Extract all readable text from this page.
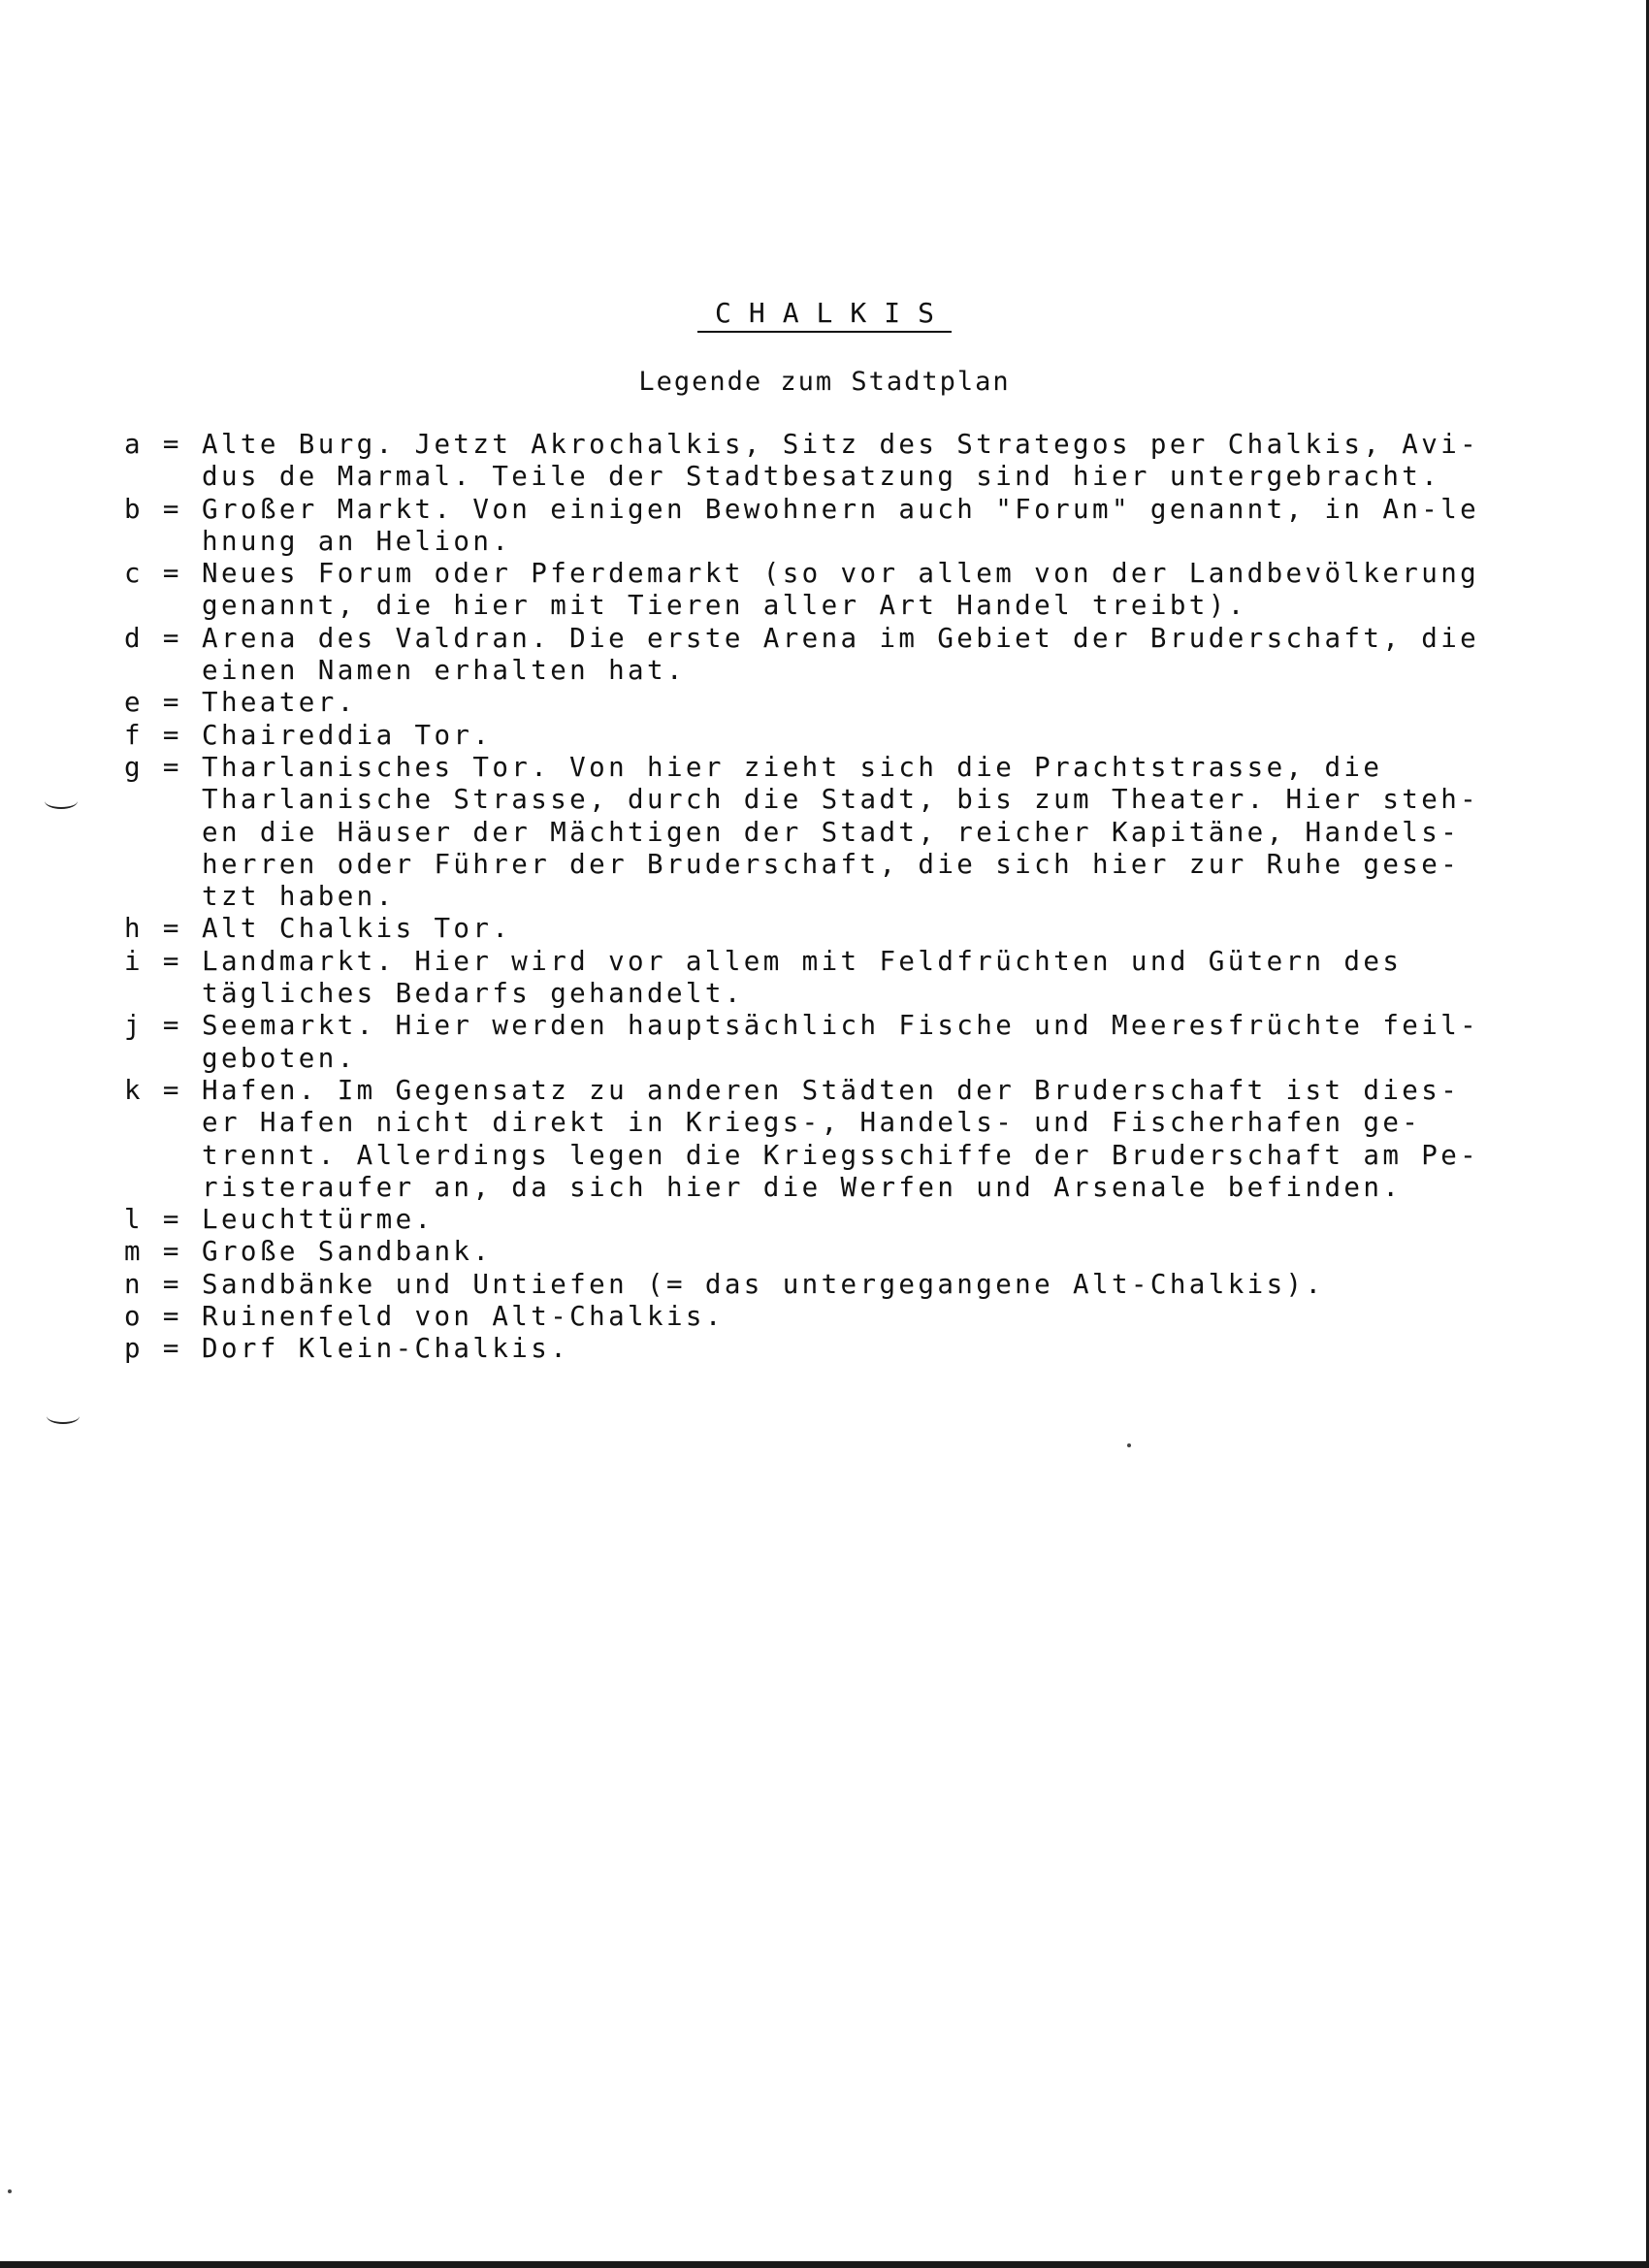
CHALKIS
Legende zum Stadtplan
a = Alte Burg. Jetzt Akrochalkis, Sitz des Strategos per Chalkis, Avi-
dus de Marmal. Teile der Stadtbesatzung sind hier untergebracht.
b = Großer Markt. Von einigen Bewohnern auch "Forum" genannt, in An-le
hnung an Helion.
c = Neues Forum oder Pferdemarkt (so vor allem von der Landbevölkerung
genannt, die hier mit Tieren aller Art Handel treibt).
d = Arena des Valdran. Die erste Arena im Gebiet der Bruderschaft, die
einen Namen erhalten hat.
e = Theater.
f = Chaireddia Tor.
g = Tharlanisches Tor. Von hier zieht sich die Prachtstrasse, die
Tharlanische Strasse, durch die Stadt, bis zum Theater. Hier steh-
en die Häuser der Mächtigen der Stadt, reicher Kapitäne, Handels-
herren oder Führer der Bruderschaft, die sich hier zur Ruhe gese-
tzt haben.
h = Alt Chalkis Tor.
i = Landmarkt. Hier wird vor allem mit Feldfrüchten und Gütern des
tägliches Bedarfs gehandelt.
j = Seemarkt. Hier werden hauptsächlich Fische und Meeresfrüchte feil-
geboten.
k = Hafen. Im Gegensatz zu anderen Städten der Bruderschaft ist dies-
er Hafen nicht direkt in Kriegs-, Handels- und Fischerhafen ge-
trennt. Allerdings legen die Kriegsschiffe der Bruderschaft am Pe-
risteraufer an, da sich hier die Werfen und Arsenale befinden.
l = Leuchttürme.
m = Große Sandbank.
n = Sandbänke und Untiefen (= das untergegangene Alt-Chalkis).
o = Ruinenfeld von Alt-Chalkis.
p = Dorf Klein-Chalkis.
